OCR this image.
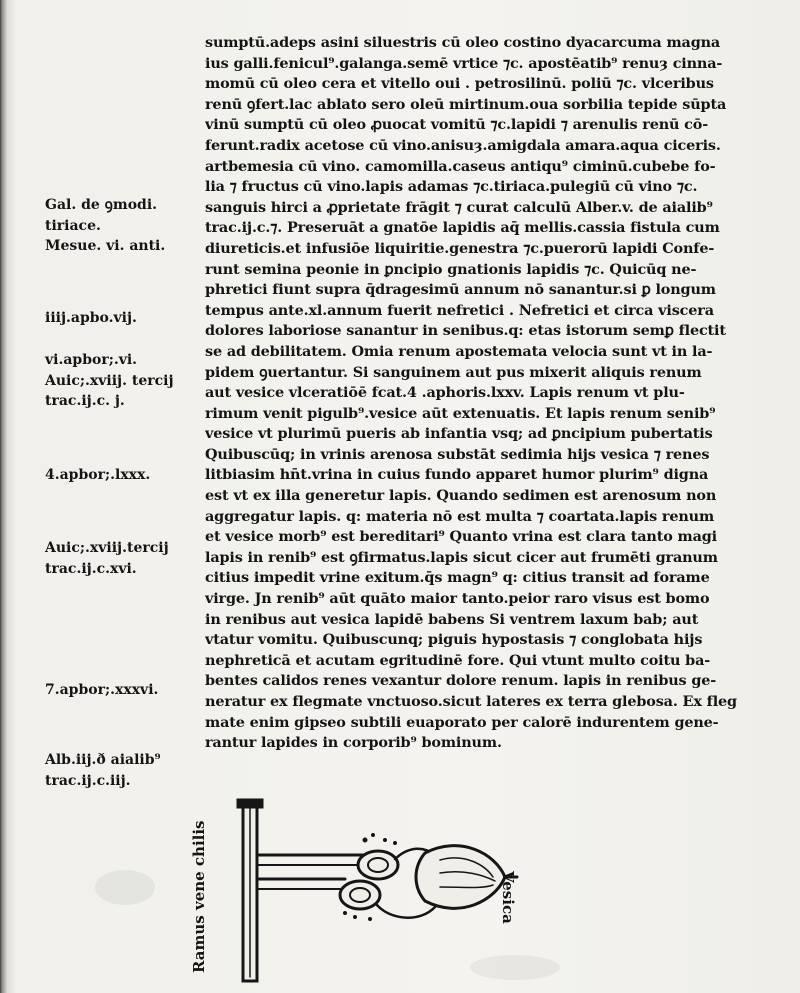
sumptū.adeps asini siluestris cū oleo costino dyacarcuma magna
ius galli.fenicul⁹.galanga.semē vrtice ⁊c. apostēatib⁹ renuȝ cinna-
momū cū oleo cera et vitello oui . petrosilinū. poliū ⁊c. vlceribus
renū ꝯfert.lac ablato sero oleū mirtinum.oua sorbilia tepide sūpta
vinū sumptū cū oleo ꝓuocat vomitū ⁊c.lapidi ⁊ arenulis renū cō-
ferunt.radix acetose cū vino.anisuȝ.amigdala amara.aqua ciceris.
artbemesia cū vino. camomilla.caseus antiqu⁹ ciminū.cubebe fo-
lia ⁊ fructus cū vino.lapis adamas ⁊c.tiriaca.pulegiū cū vino ⁊c.
sanguis hirci a ꝓprietate frāgit ⁊ curat calculū Alber.v. de aialib⁹
trac.ij.c.⁊. Preseruāt a gnatōe lapidis aq̄ mellis.cassia fistula cum
diureticis.et infusiōe liquiritie.genestra ⁊c.puerorū lapidi Confe-
runt semina peonie in ꝑncipio gnationis lapidis ⁊c. Quicūq ne-
phretici fiunt supra q̄dragesimū annum nō sanantur.si ꝑ longum
tempus ante.xl.annum fuerit nefretici . Nefretici et circa viscera
dolores laboriose sanantur in senibus.q: etas istorum semꝑ flectit
se ad debilitatem. Omia renum apostemata velocia sunt vt in la-
pidem ꝯuertantur. Si sanguinem aut pus mixerit aliquis renum
aut vesice vlceratiōē fcat.4 .aphoris.lxxv. Lapis renum vt plu-
rimum venit pigulb⁹.vesice aūt extenuatis. Et lapis renum senib⁹
vesice vt plurimū pueris ab infantia vsq; ad ꝑncipium pubertatis
Quibuscūq; in vrinis arenosa substāt sedimia hijs vesica ⁊ renes
litbiasim hn̄t.vrina in cuius fundo apparet humor plurim⁹ digna
est vt ex illa generetur lapis. Quando sedimen est arenosum non
aggregatur lapis. q: materia nō est multa ⁊ coartata.lapis renum
et vesice morb⁹ est bereditari⁹ Quanto vrina est clara tanto magi
lapis in renib⁹ est ꝯfirmatus.lapis sicut cicer aut frumēti granum
citius impedit vrine exitum.q̄s magn⁹ q: citius transit ad forame
virge. Jn renib⁹ aūt quāto maior tanto.peior raro visus est bomo
in renibus aut vesica lapidē babens Si ventrem laxum bab; aut
vtatur vomitu. Quibuscunq; piguis hypostasis ⁊ conglobata hijs
nephreticā et acutam egritudinē fore. Qui vtunt multo coitu ba-
bentes calidos renes vexantur dolore renum. lapis in renibus ge-
neratur ex flegmate vnctuoso.sicut lateres ex terra glebosa. Ex fleg
mate enim gipseo subtili euaporato per calorē indurentem gene-
rantur lapides in corporib⁹ bominum.
Gal. de ꝯmodi.
tiriace.
Mesue. vi. anti.
iiij.apbo.vij.
vi.apbor;.vi.
Auic;.xviij. tercij
trac.ij.c. j.
4.apbor;.lxxx.
Auic;.xviij.tercij
trac.ij.c.xvi.
7.apbor;.xxxvi.
Alb.iij.ð aialib⁹
trac.ij.c.iij.
Ramus vene chilis	Vesica
